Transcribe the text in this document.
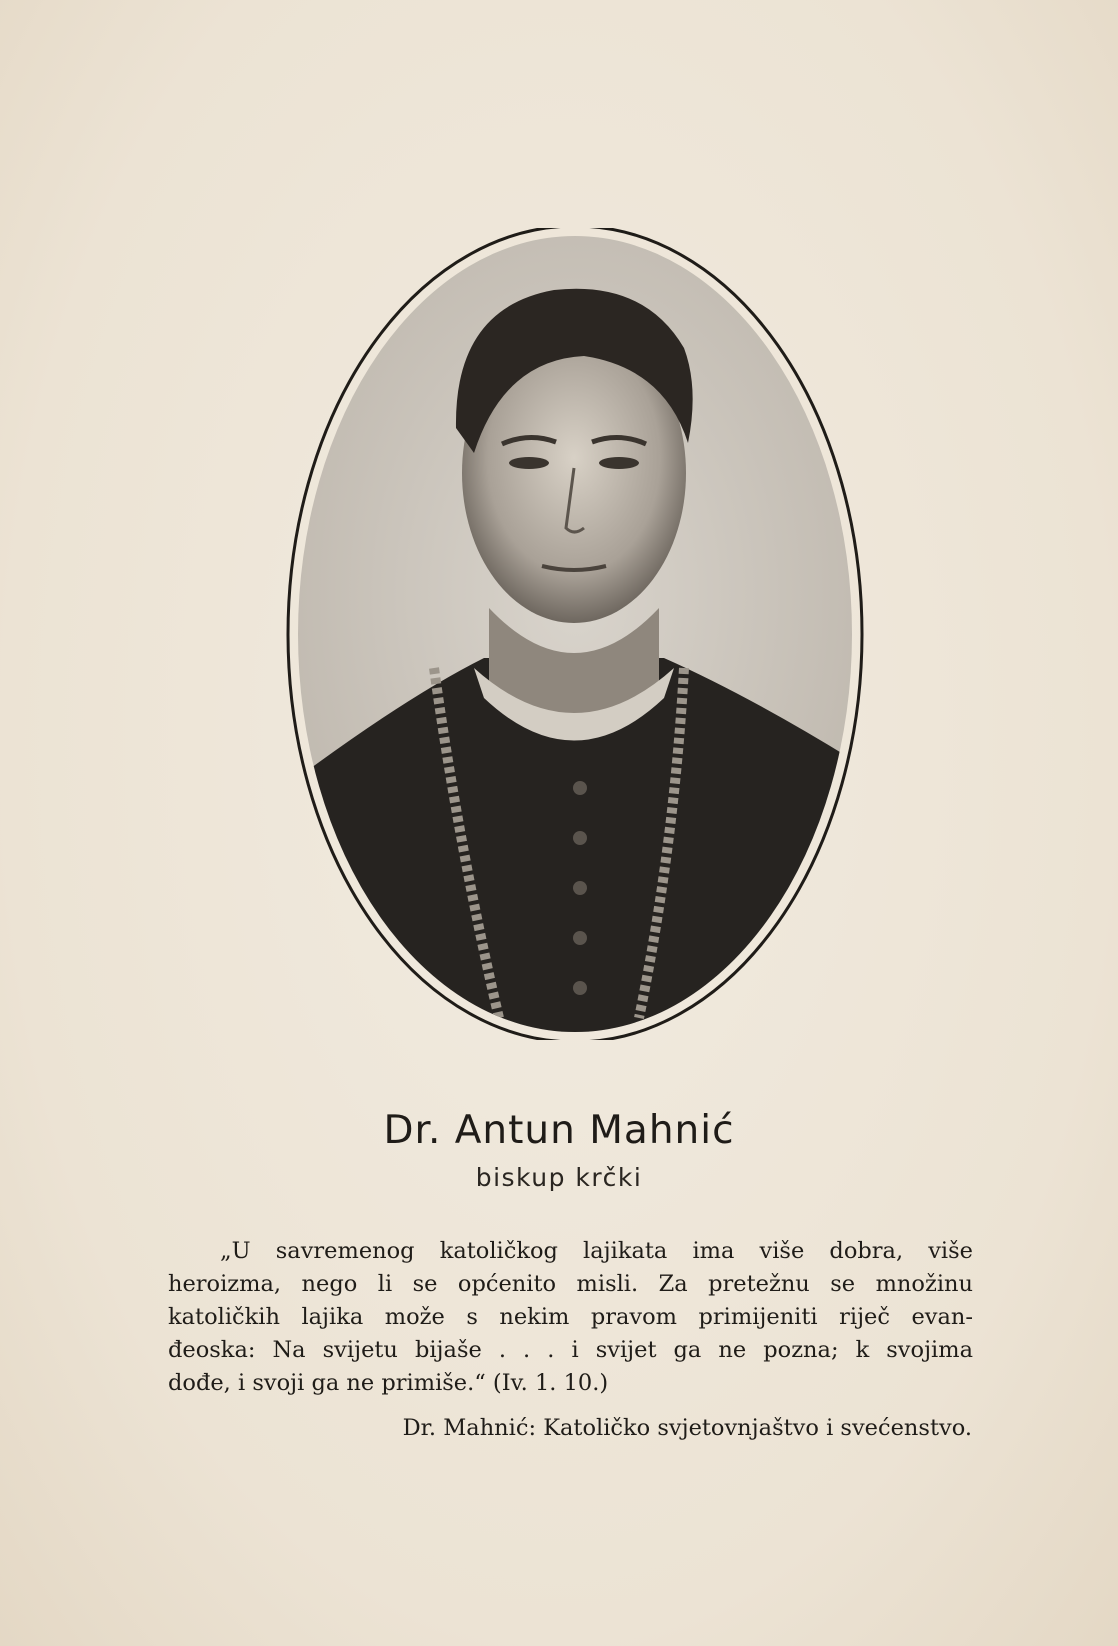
Dr. Antun Mahnić
biskup krčki
„U savremenog katoličkog lajikata ima više dobra, više
heroizma, nego li se općenito misli. Za pretežnu se množinu
katoličkih lajika može s nekim pravom primijeniti riječ evan-
đeoska: Na svijetu bijaše . . . i svijet ga ne pozna; k svojima
dođe, i svoji ga ne primiše.“ (Iv. 1. 10.)
Dr. Mahnić: Katoličko svjetovnjaštvo i svećenstvo.
